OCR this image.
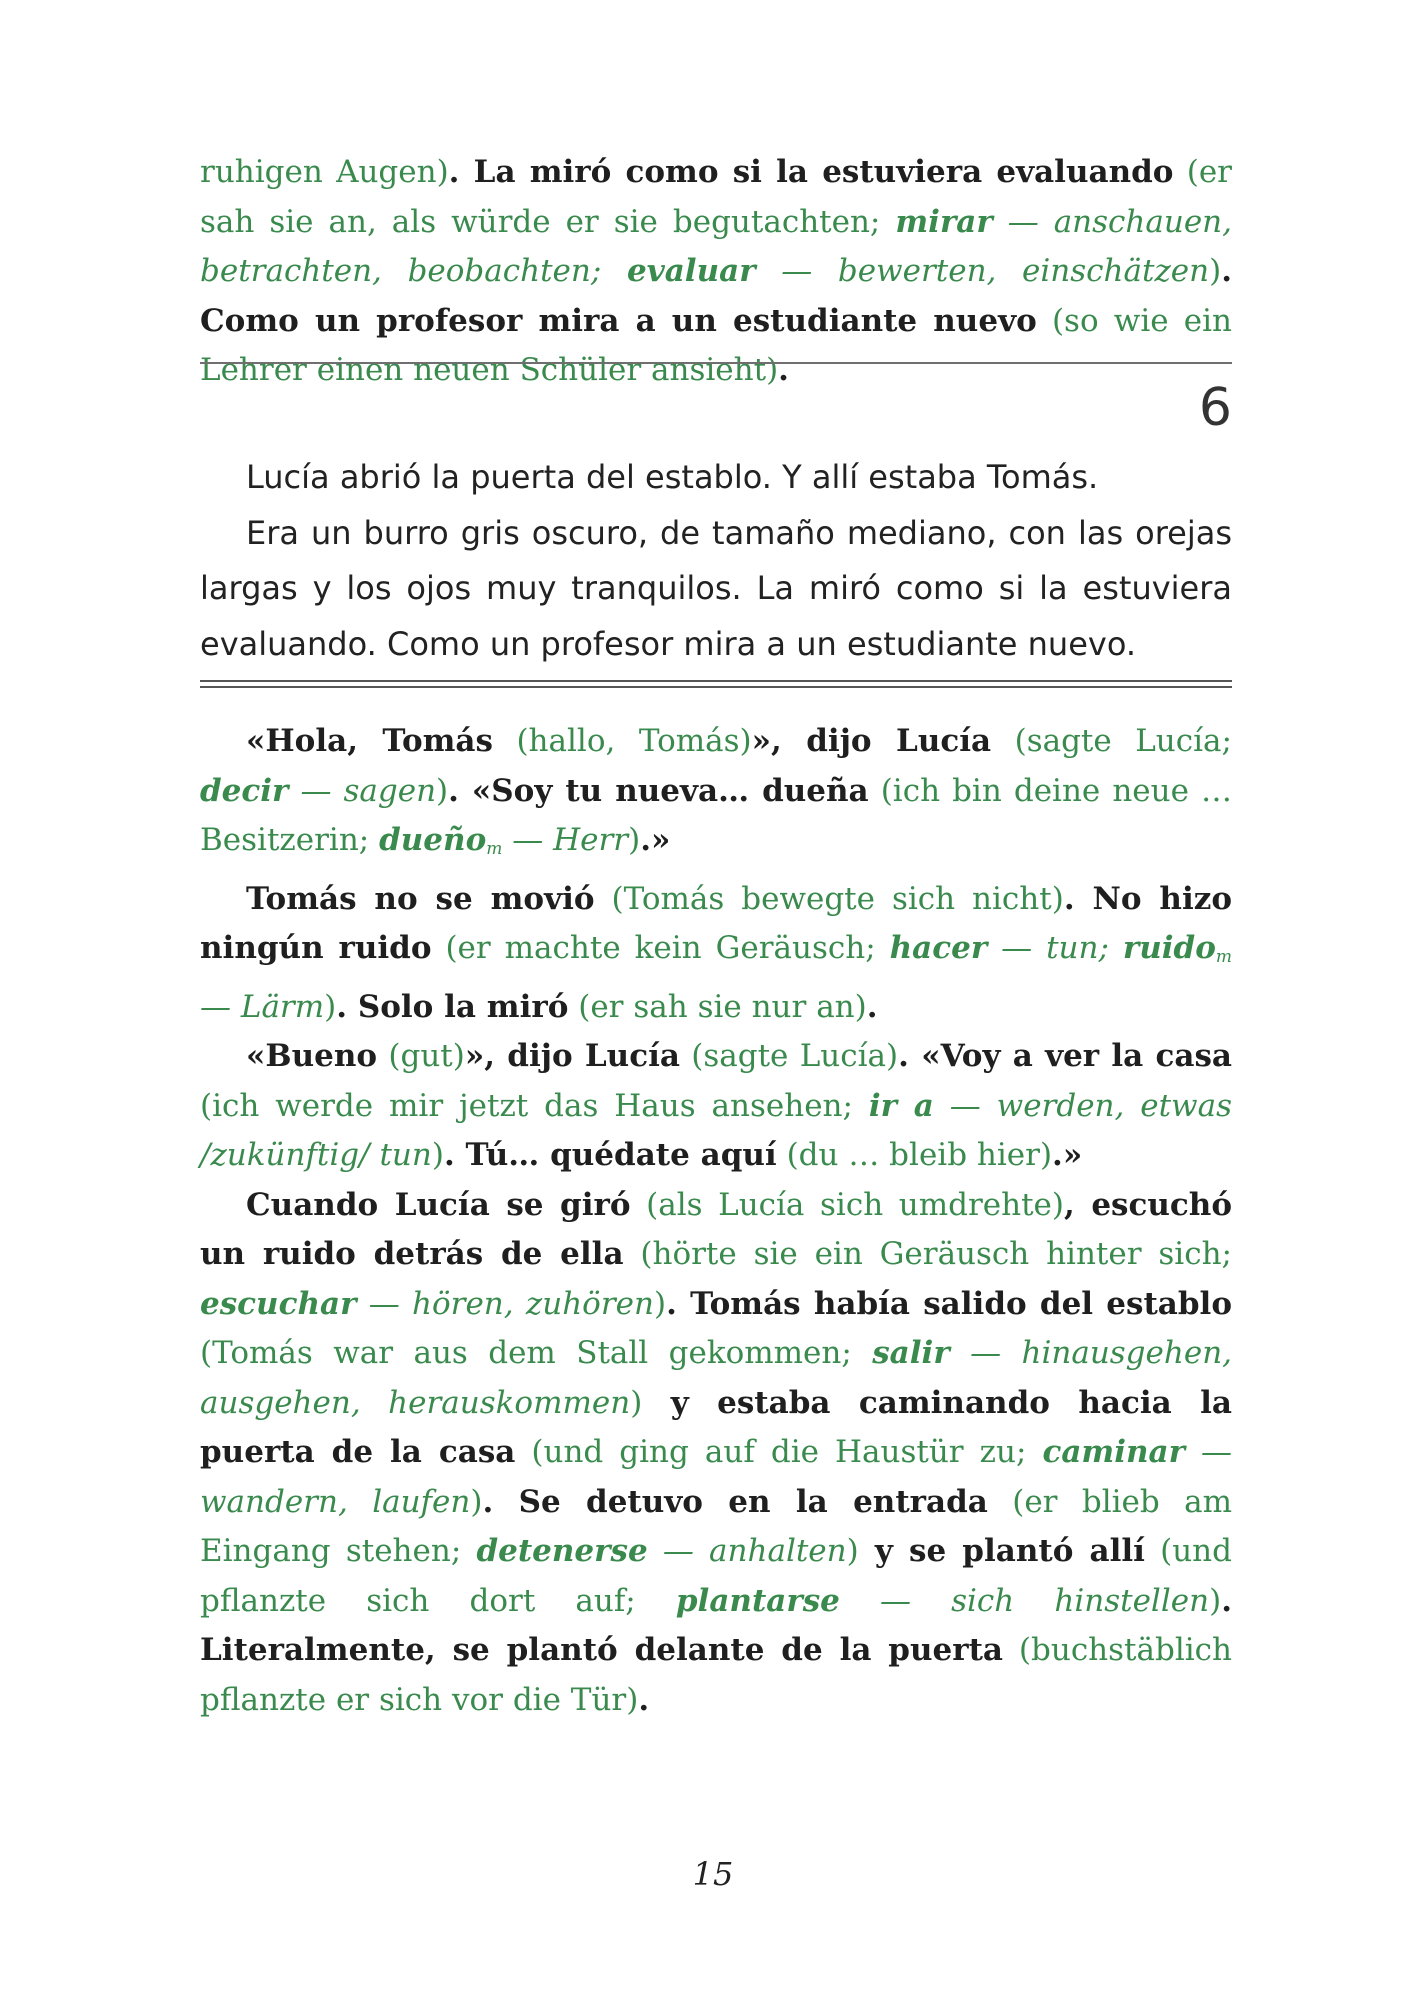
ruhigen Augen). La miró como si la estuviera evaluando (er sah sie an, als würde er sie begutachten; mirar — anschauen, betrachten, beobachten; evaluar — bewerten, einschätzen). Como un profesor mira a un estudiante nuevo (so wie ein Lehrer einen neuen Schüler ansieht).

6

Lucía abrió la puerta del establo. Y allí estaba Tomás.

Era un burro gris oscuro, de tamaño mediano, con las orejas largas y los ojos muy tranquilos. La miró como si la estuviera evaluando. Como un profesor mira a un estudiante nuevo.

«Hola, Tomás (hallo, Tomás)», dijo Lucía (sagte Lucía; decir — sagen). «Soy tu nueva… dueña (ich bin deine neue … Besitzerin; dueño$_m$ — Herr).»

Tomás no se movió (Tomás bewegte sich nicht). No hizo ningún ruido (er machte kein Geräusch; hacer — tun; ruido$_m$ — Lärm). Solo la miró (er sah sie nur an).

«Bueno (gut)», dijo Lucía (sagte Lucía). «Voy a ver la casa (ich werde mir jetzt das Haus ansehen; ir a — werden, etwas /zukünftig/ tun). Tú… quédate aquí (du … bleib hier).»

Cuando Lucía se giró (als Lucía sich umdrehte), escuchó un ruido detrás de ella (hörte sie ein Geräusch hinter sich; escuchar — hören, zuhören). Tomás había salido del establo (Tomás war aus dem Stall gekommen; salir — hinausgehen, ausgehen, herauskommen) y estaba caminando hacia la puerta de la casa (und ging auf die Haustür zu; caminar — wandern, laufen). Se detuvo en la entrada (er blieb am Eingang stehen; detenerse — anhalten) y se plantó allí (und pflanzte sich dort auf; plantarse — sich hinstellen). Literalmente, se plantó delante de la puerta (buchstäblich pflanzte er sich vor die Tür).

15
